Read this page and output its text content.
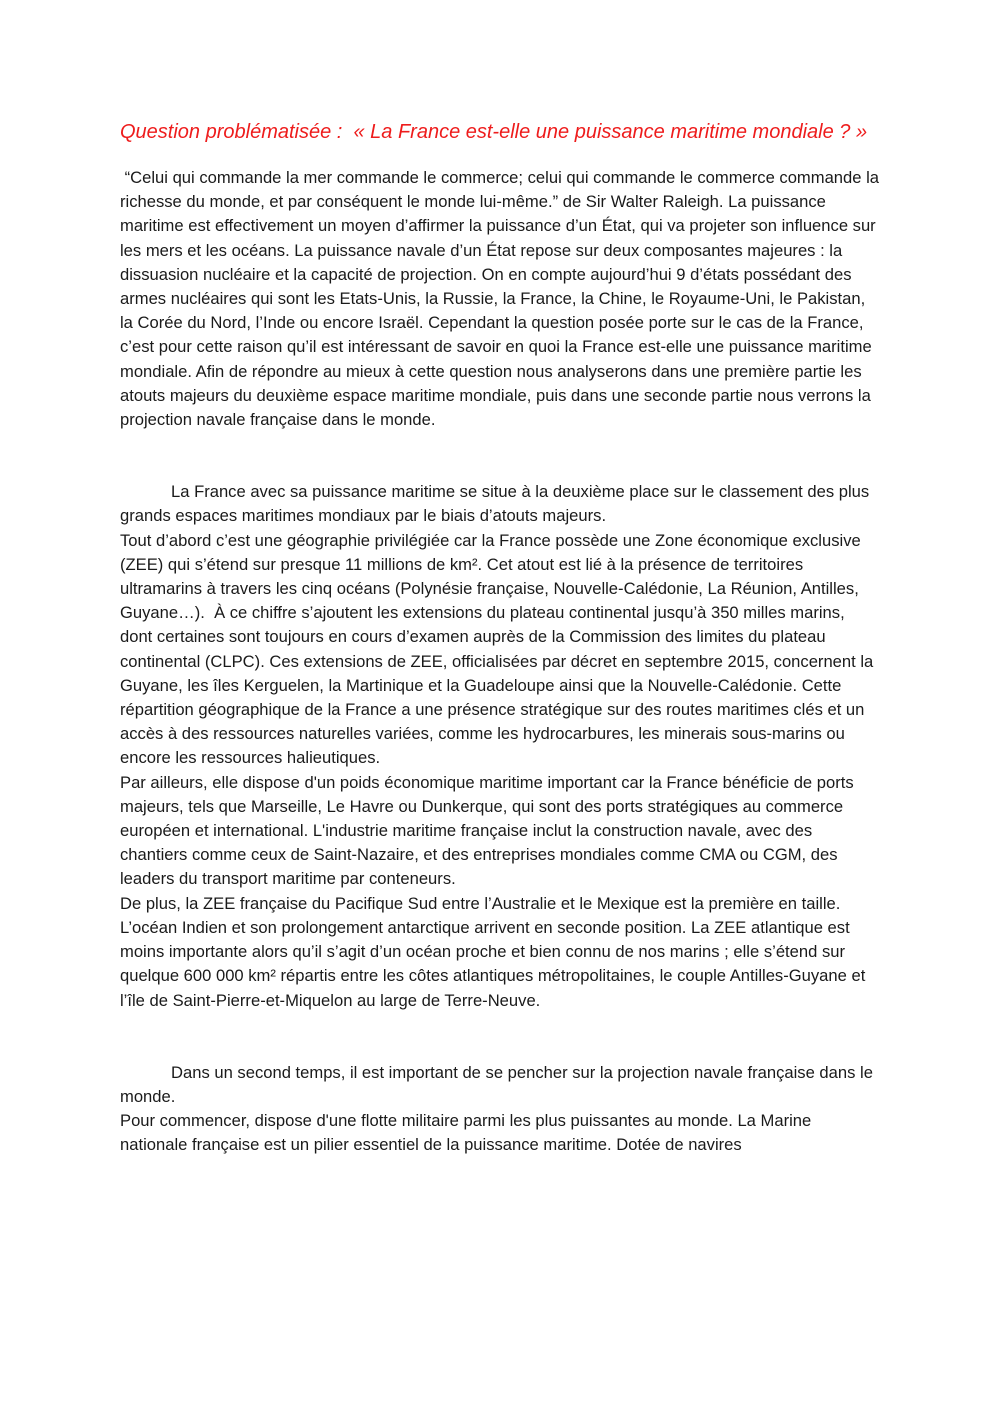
Question problématisée :  « La France est-elle une puissance maritime mondiale ? »

“Celui qui commande la mer commande le commerce; celui qui commande le commerce commande la richesse du monde, et par conséquent le monde lui-même.” de Sir Walter Raleigh. La puissance maritime est effectivement un moyen d’affirmer la puissance d’un État, qui va projeter son influence sur les mers et les océans. La puissance navale d’un État repose sur deux composantes majeures : la dissuasion nucléaire et la capacité de projection. On en compte aujourd’hui 9 d’états possédant des armes nucléaires qui sont les Etats-Unis, la Russie, la France, la Chine, le Royaume-Uni, le Pakistan, la Corée du Nord, l’Inde ou encore Israël. Cependant la question posée porte sur le cas de la France, c’est pour cette raison qu’il est intéressant de savoir en quoi la France est-elle une puissance maritime mondiale. Afin de répondre au mieux à cette question nous analyserons dans une première partie les atouts majeurs du deuxième espace maritime mondiale, puis dans une seconde partie nous verrons la projection navale française dans le monde.

La France avec sa puissance maritime se situe à la deuxième place sur le classement des plus grands espaces maritimes mondiaux par le biais d’atouts majeurs.

Tout d’abord c’est une géographie privilégiée car la France possède une Zone économique exclusive (ZEE) qui s’étend sur presque 11 millions de km². Cet atout est lié à la présence de territoires ultramarins à travers les cinq océans (Polynésie française, Nouvelle-Calédonie, La Réunion, Antilles, Guyane…).  À ce chiffre s’ajoutent les extensions du plateau continental jusqu’à 350 milles marins, dont certaines sont toujours en cours d’examen auprès de la Commission des limites du plateau continental (CLPC). Ces extensions de ZEE, officialisées par décret en septembre 2015, concernent la Guyane, les îles Kerguelen, la Martinique et la Guadeloupe ainsi que la Nouvelle-Calédonie. Cette répartition géographique de la France a une présence stratégique sur des routes maritimes clés et un accès à des ressources naturelles variées, comme les hydrocarbures, les minerais sous-marins ou encore les ressources halieutiques.

Par ailleurs, elle dispose d'un poids économique maritime important car la France bénéficie de ports majeurs, tels que Marseille, Le Havre ou Dunkerque, qui sont des ports stratégiques au commerce européen et international. L'industrie maritime française inclut la construction navale, avec des chantiers comme ceux de Saint-Nazaire, et des entreprises mondiales comme CMA ou CGM, des leaders du transport maritime par conteneurs.

De plus, la ZEE française du Pacifique Sud entre l’Australie et le Mexique est la première en taille. L’océan Indien et son prolongement antarctique arrivent en seconde position. La ZEE atlantique est moins importante alors qu’il s’agit d’un océan proche et bien connu de nos marins ; elle s’étend sur quelque 600 000 km² répartis entre les côtes atlantiques métropolitaines, le couple Antilles-Guyane et l’île de Saint-Pierre-et-Miquelon au large de Terre-Neuve.

Dans un second temps, il est important de se pencher sur la projection navale française dans le monde.

Pour commencer, dispose d'une flotte militaire parmi les plus puissantes au monde. La Marine nationale française est un pilier essentiel de la puissance maritime. Dotée de navires
